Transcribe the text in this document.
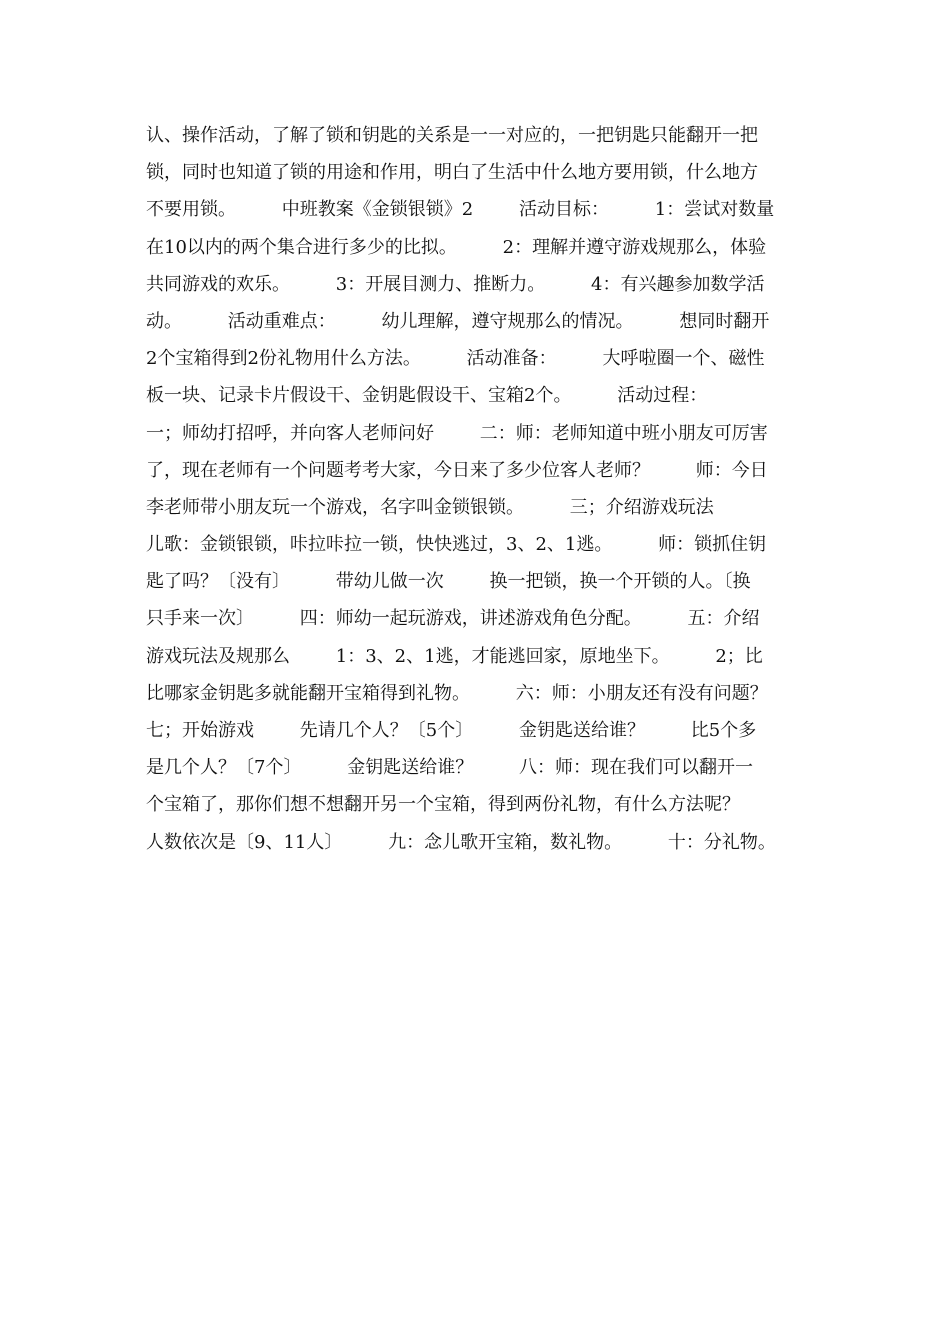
认、操作活动，了解了锁和钥匙的关系是一一对应的，一把钥匙只能翻开一把
锁，同时也知道了锁的用途和作用，明白了生活中什么地方要用锁，什么地方
不要用锁。        中班教案《金锁银锁》2        活动目标：        1：尝试对数量
在10以内的两个集合进行多少的比拟。        2：理解并遵守游戏规那么，体验
共同游戏的欢乐。        3：开展目测力、推断力。        4：有兴趣参加数学活
动。        活动重难点：        幼儿理解，遵守规那么的情况。        想同时翻开
2个宝箱得到2份礼物用什么方法。        活动准备：        大呼啦圈一个、磁性
板一块、记录卡片假设干、金钥匙假设干、宝箱2个。        活动过程：
一；师幼打招呼，并向客人老师问好        二：师：老师知道中班小朋友可厉害
了，现在老师有一个问题考考大家，今日来了多少位客人老师？        师：今日
李老师带小朋友玩一个游戏，名字叫金锁银锁。        三；介绍游戏玩法
儿歌：金锁银锁，咔拉咔拉一锁，快快逃过，3、2、1逃。        师：锁抓住钥
匙了吗？〔没有〕        带幼儿做一次        换一把锁，换一个开锁的人。〔换
只手来一次〕        四：师幼一起玩游戏，讲述游戏角色分配。        五：介绍
游戏玩法及规那么        1：3、2、1逃，才能逃回家，原地坐下。        2；比
比哪家金钥匙多就能翻开宝箱得到礼物。        六：师：小朋友还有没有问题？
七；开始游戏        先请几个人？〔5个〕        金钥匙送给谁？        比5个多
是几个人？〔7个〕        金钥匙送给谁？        八：师：现在我们可以翻开一
个宝箱了，那你们想不想翻开另一个宝箱，得到两份礼物，有什么方法呢？
人数依次是〔9、11人〕        九：念儿歌开宝箱，数礼物。        十：分礼物。
